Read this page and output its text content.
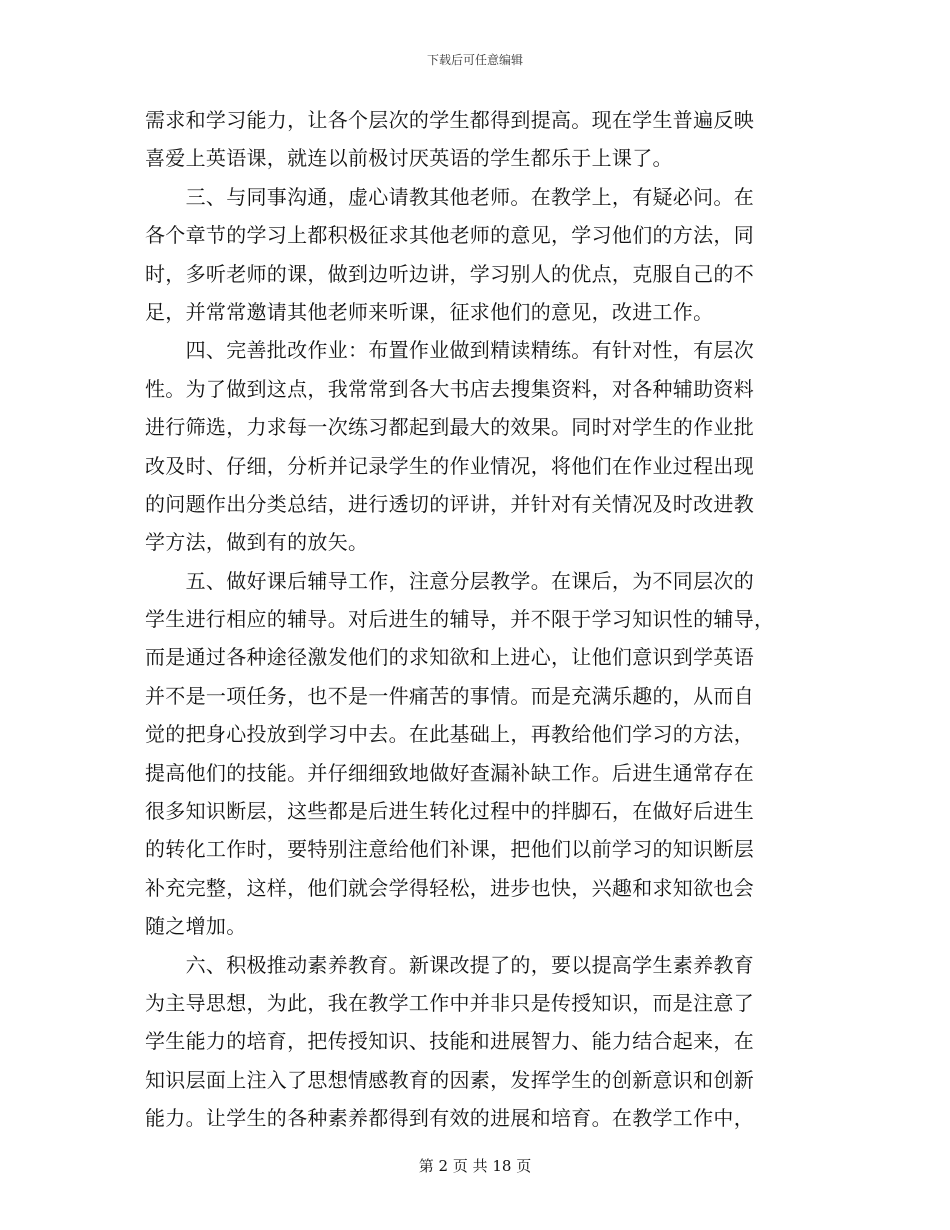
下载后可任意编辑
需求和学习能力，让各个层次的学生都得到提高。现在学生普遍反映
喜爱上英语课，就连以前极讨厌英语的学生都乐于上课了。
　　三、与同事沟通，虚心请教其他老师。在教学上，有疑必问。在
各个章节的学习上都积极征求其他老师的意见，学习他们的方法，同
时，多听老师的课，做到边听边讲，学习别人的优点，克服自己的不
足，并常常邀请其他老师来听课，征求他们的意见，改进工作。
　　四、完善批改作业：布置作业做到精读精练。有针对性，有层次
性。为了做到这点，我常常到各大书店去搜集资料，对各种辅助资料
进行筛选，力求每一次练习都起到最大的效果。同时对学生的作业批
改及时、仔细，分析并记录学生的作业情况，将他们在作业过程出现
的问题作出分类总结，进行透切的评讲，并针对有关情况及时改进教
学方法，做到有的放矢。
　　五、做好课后辅导工作，注意分层教学。在课后，为不同层次的
学生进行相应的辅导。对后进生的辅导，并不限于学习知识性的辅导，
而是通过各种途径激发他们的求知欲和上进心，让他们意识到学英语
并不是一项任务，也不是一件痛苦的事情。而是充满乐趣的，从而自
觉的把身心投放到学习中去。在此基础上，再教给他们学习的方法，
提高他们的技能。并仔细细致地做好查漏补缺工作。后进生通常存在
很多知识断层，这些都是后进生转化过程中的拌脚石，在做好后进生
的转化工作时，要特别注意给他们补课，把他们以前学习的知识断层
补充完整，这样，他们就会学得轻松，进步也快，兴趣和求知欲也会
随之增加。
　　六、积极推动素养教育。新课改提了的，要以提高学生素养教育
为主导思想，为此，我在教学工作中并非只是传授知识，而是注意了
学生能力的培育，把传授知识、技能和进展智力、能力结合起来，在
知识层面上注入了思想情感教育的因素，发挥学生的创新意识和创新
能力。让学生的各种素养都得到有效的进展和培育。在教学工作中，
第 2 页 共 18 页
